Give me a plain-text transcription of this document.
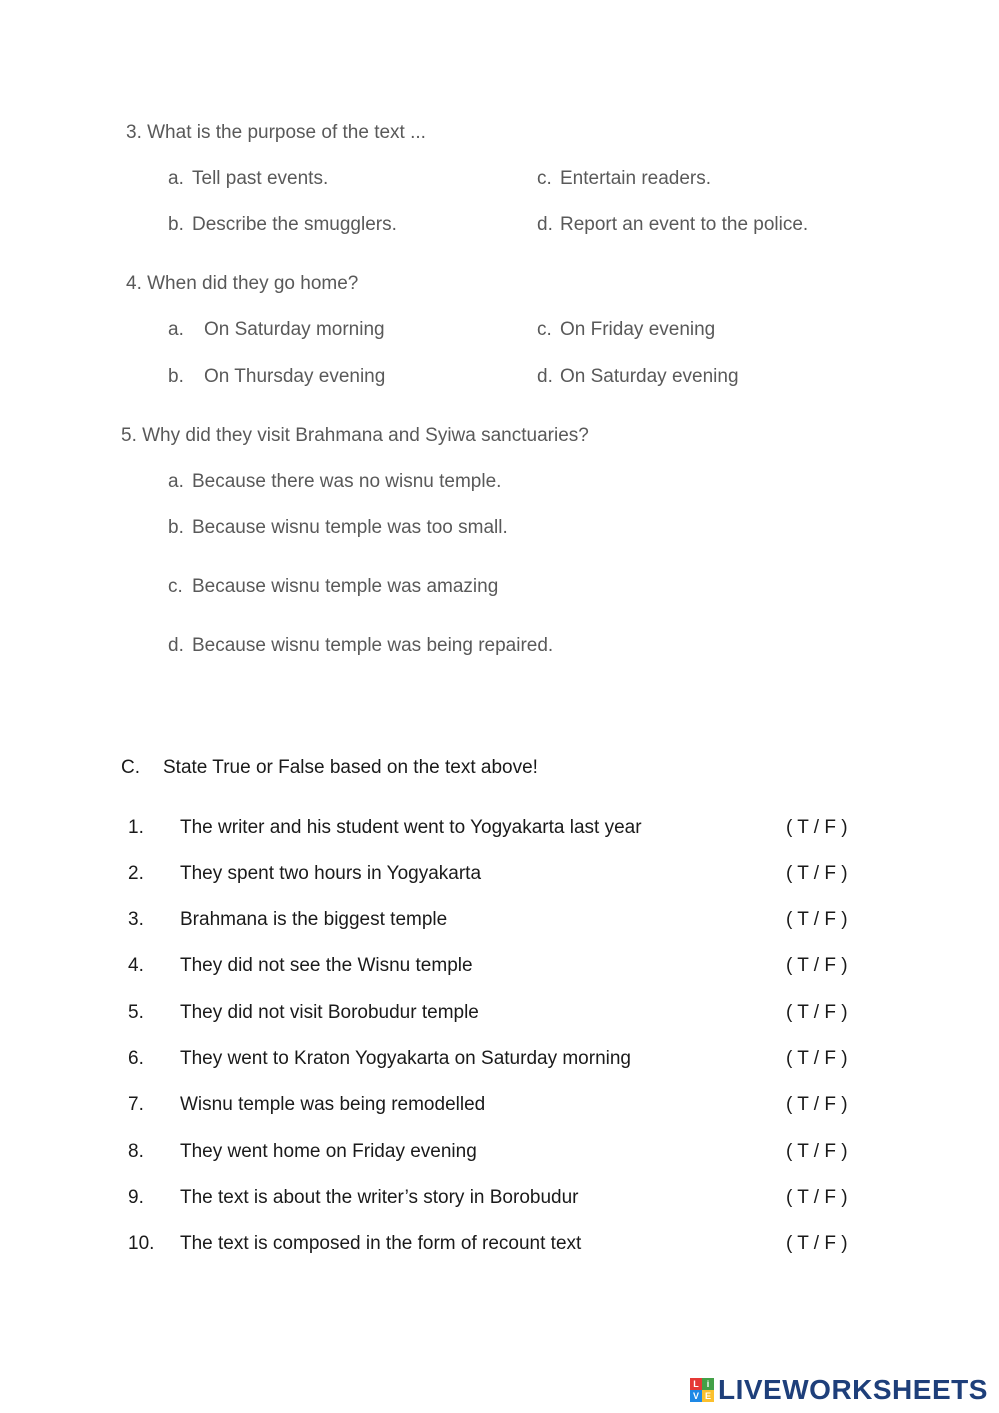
3. What is the purpose of the text ...
a. Tell past events.
b. Describe the smugglers.
c. Entertain readers.
d. Report an event to the police.
4. When did they go home?
a. On Saturday morning
b. On Thursday evening
c. On Friday evening
d. On Saturday evening
5. Why did they visit Brahmana and Syiwa sanctuaries?
a. Because there was no wisnu temple.
b. Because wisnu temple was too small.
c. Because wisnu temple was amazing
d. Because wisnu temple was being repaired.
C. State True or False based on the text above!
1. The writer and his student went to Yogyakarta last year	( T / F )
2. They spent two hours in Yogyakarta	( T / F )
3. Brahmana is the biggest temple	( T / F )
4. They did not see the Wisnu temple	( T / F )
5. They did not visit Borobudur temple	( T / F )
6. They went to Kraton Yogyakarta on Saturday morning	( T / F )
7. Wisnu temple was being remodelled	( T / F )
8. They went home on Friday evening	( T / F )
9. The text is about the writer’s story in Borobudur	( T / F )
10. The text is composed in the form of recount text	( T / F )
L i
V E LIVEWORKSHEETS
